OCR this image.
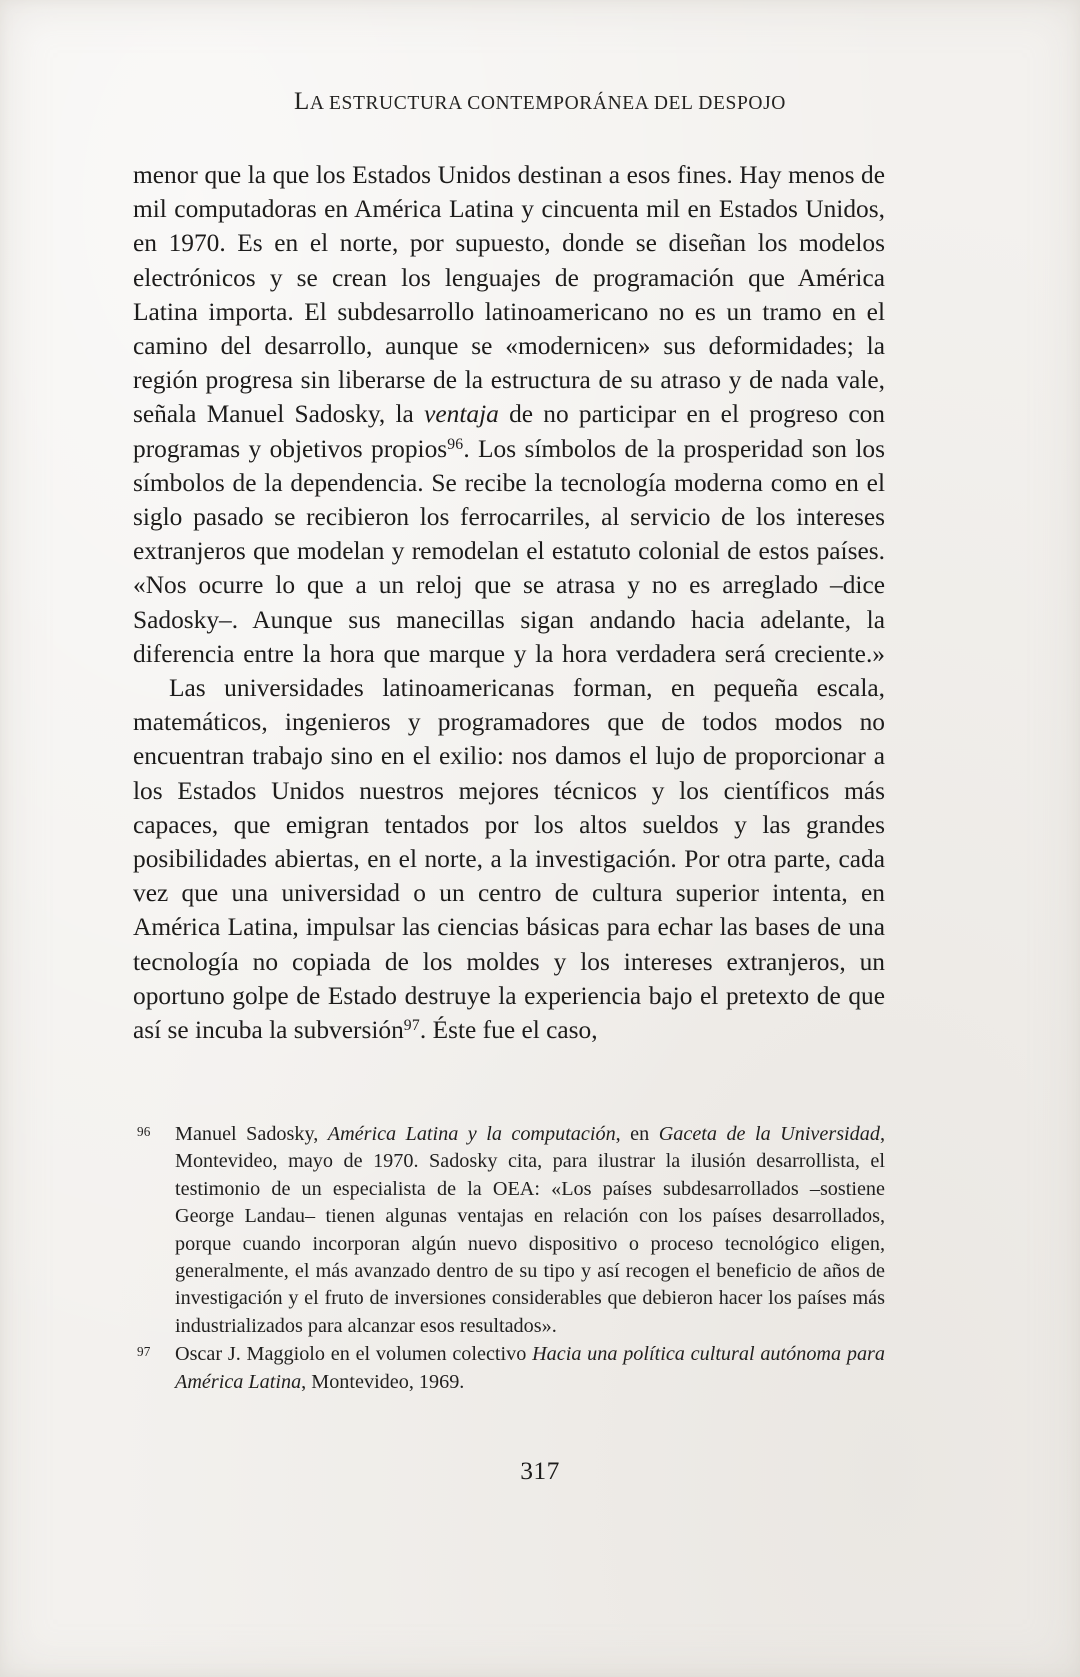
LA ESTRUCTURA CONTEMPORÁNEA DEL DESPOJO

menor que la que los Estados Unidos destinan a esos fines. Hay menos de mil computadoras en América Latina y cincuenta mil en Estados Unidos, en 1970. Es en el norte, por supuesto, donde se diseñan los modelos electrónicos y se crean los lenguajes de programación que América Latina importa. El subdesarrollo latinoamericano no es un tramo en el camino del desarrollo, aunque se «modernicen» sus deformidades; la región progresa sin liberarse de la estructura de su atraso y de nada vale, señala Manuel Sadosky, la ventaja de no participar en el progreso con programas y objetivos propios$^{96}$. Los símbolos de la prosperidad son los símbolos de la dependencia. Se recibe la tecnología moderna como en el siglo pasado se recibieron los ferrocarriles, al servicio de los intereses extranjeros que modelan y remodelan el estatuto colonial de estos países. «Nos ocurre lo que a un reloj que se atrasa y no es arreglado –dice Sadosky–. Aunque sus manecillas sigan andando hacia adelante, la diferencia entre la hora que marque y la hora verdadera será creciente.»

Las universidades latinoamericanas forman, en pequeña escala, matemáticos, ingenieros y programadores que de todos modos no encuentran trabajo sino en el exilio: nos damos el lujo de proporcionar a los Estados Unidos nuestros mejores técnicos y los científicos más capaces, que emigran tentados por los altos sueldos y las grandes posibilidades abiertas, en el norte, a la investigación. Por otra parte, cada vez que una universidad o un centro de cultura superior intenta, en América Latina, impulsar las ciencias básicas para echar las bases de una tecnología no copiada de los moldes y los intereses extranjeros, un oportuno golpe de Estado destruye la experiencia bajo el pretexto de que así se incuba la subversión$^{97}$. Éste fue el caso,

96 Manuel Sadosky, América Latina y la computación, en Gaceta de la Universidad, Montevideo, mayo de 1970. Sadosky cita, para ilustrar la ilusión desarrollista, el testimonio de un especialista de la OEA: «Los países subdesarrollados –sostiene George Landau– tienen algunas ventajas en relación con los países desarrollados, porque cuando incorporan algún nuevo dispositivo o proceso tecnológico eligen, generalmente, el más avanzado dentro de su tipo y así recogen el beneficio de años de investigación y el fruto de inversiones considerables que debieron hacer los países más industrializados para alcanzar esos resultados».

97 Oscar J. Maggiolo en el volumen colectivo Hacia una política cultural autónoma para América Latina, Montevideo, 1969.

317
